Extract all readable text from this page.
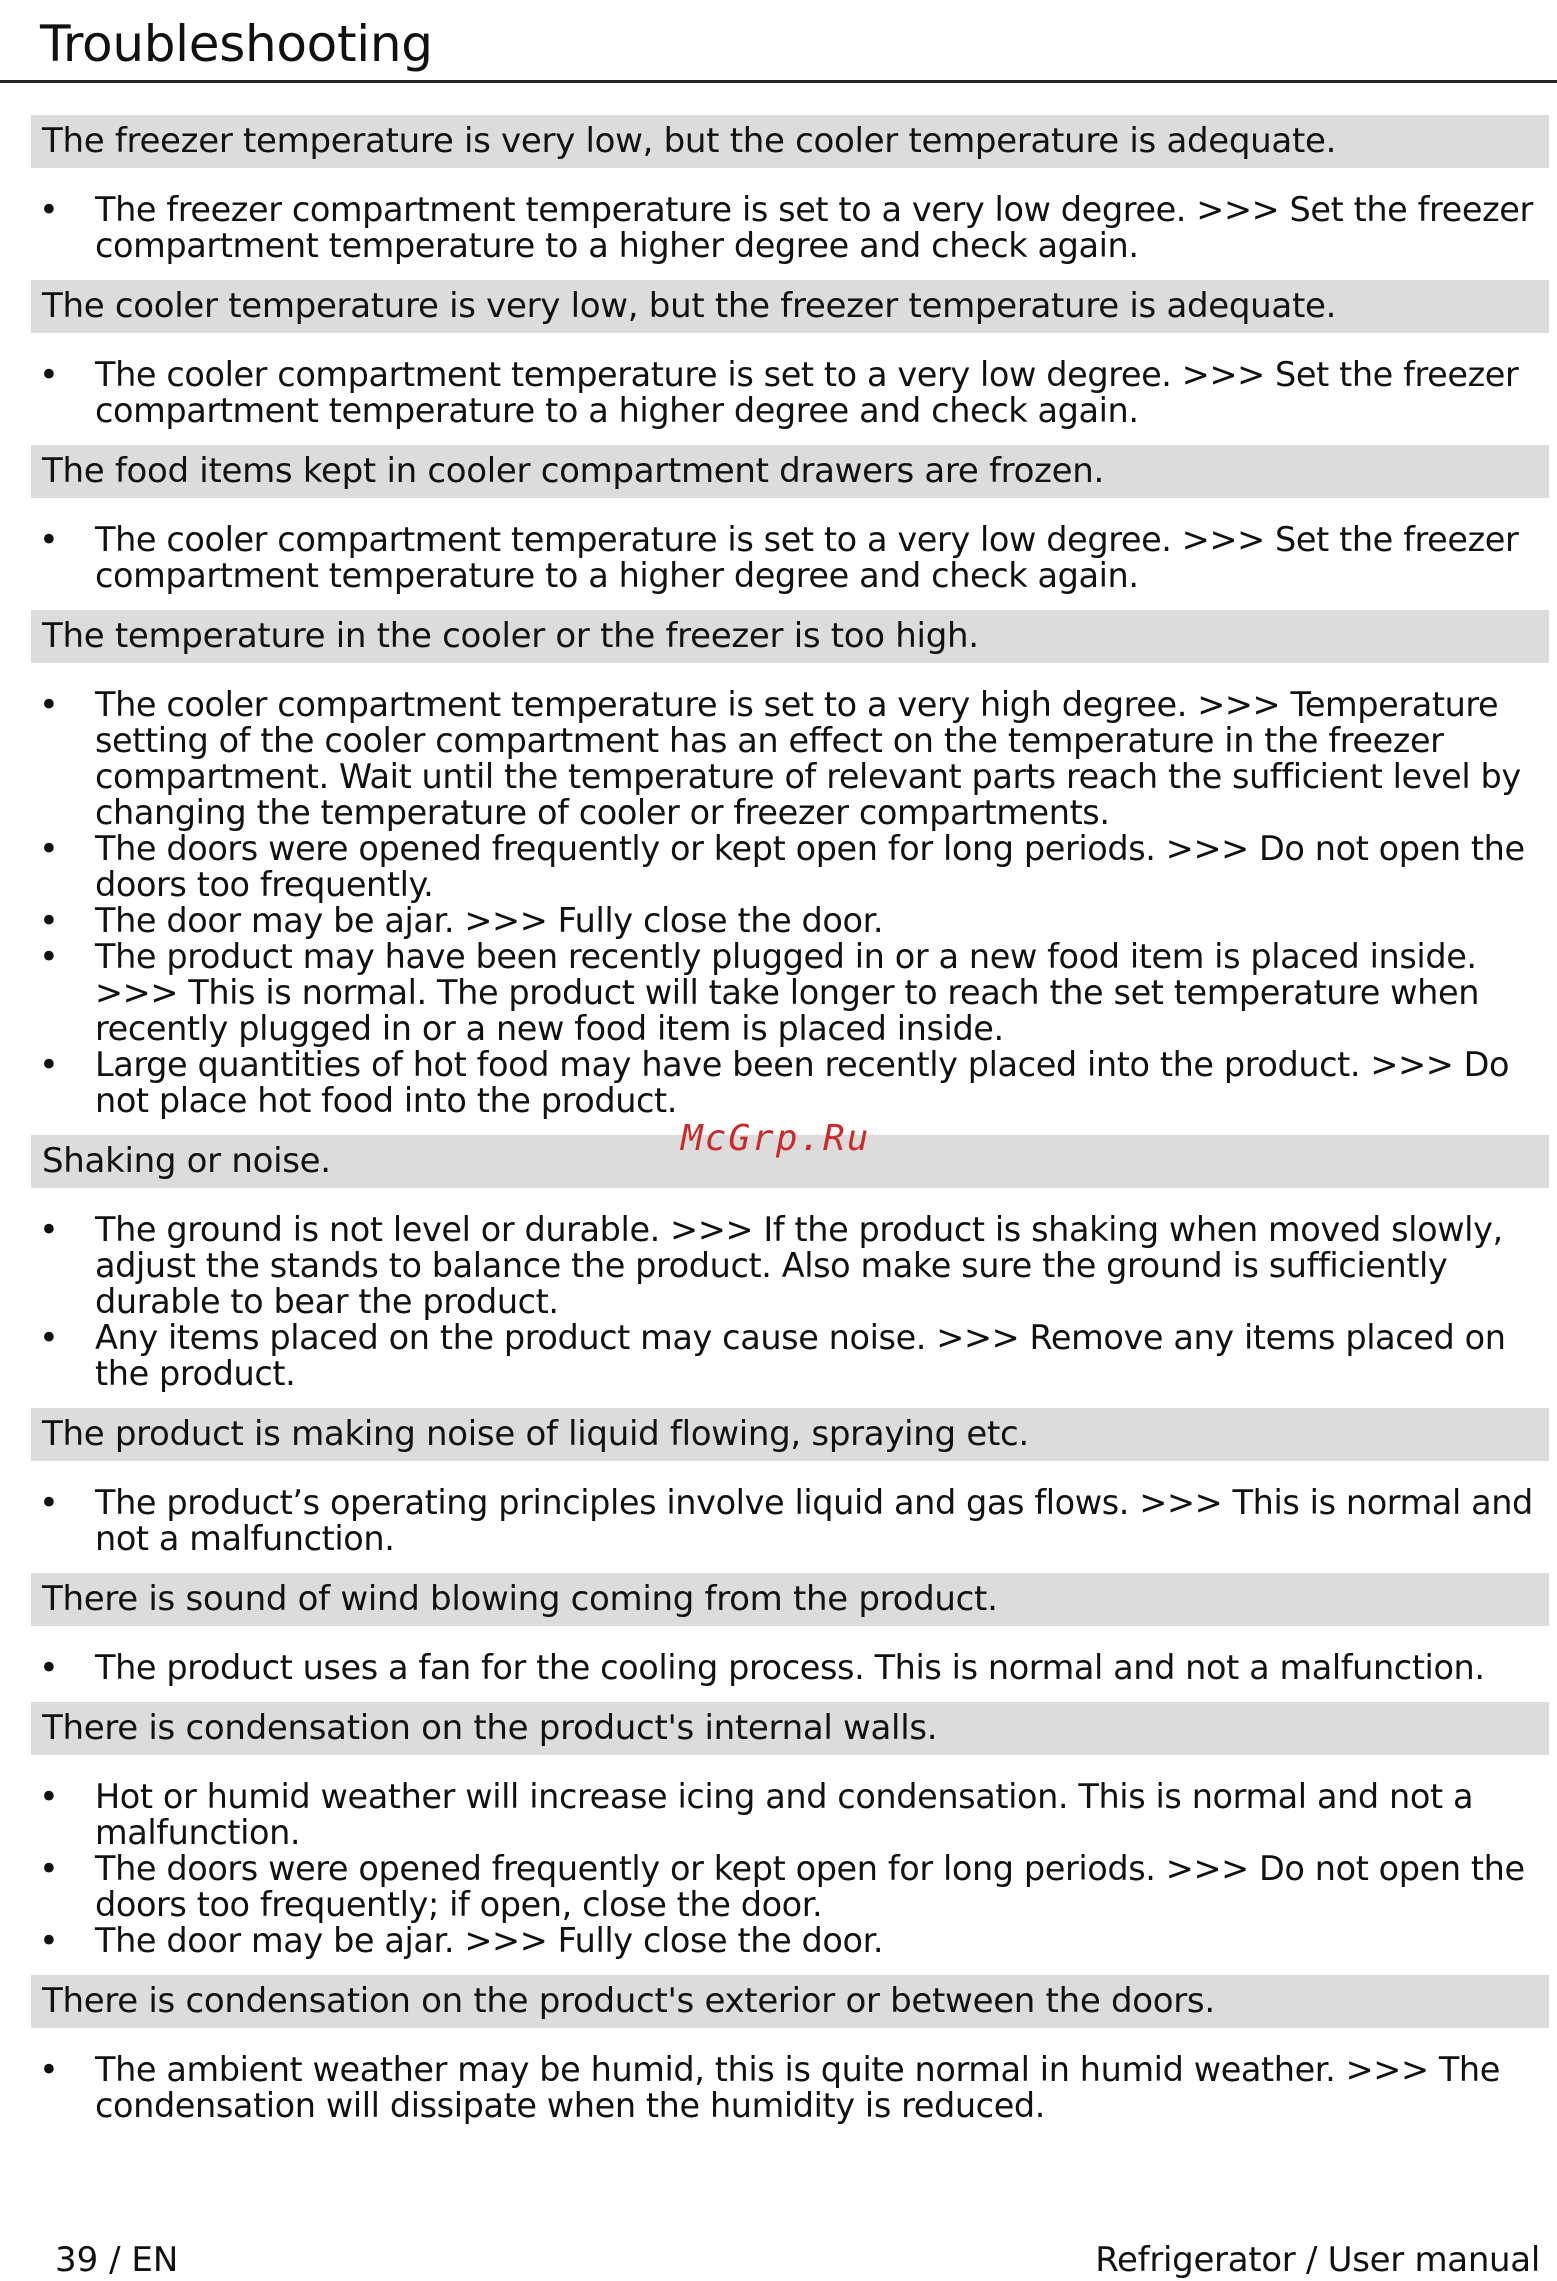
Troubleshooting
The freezer temperature is very low, but the cooler temperature is adequate.
• The freezer compartment temperature is set to a very low degree. >>> Set the freezer compartment temperature to a higher degree and check again.
The cooler temperature is very low, but the freezer temperature is adequate.
• The cooler compartment temperature is set to a very low degree. >>> Set the freezer compartment temperature to a higher degree and check again.
The food items kept in cooler compartment drawers are frozen.
• The cooler compartment temperature is set to a very low degree. >>> Set the freezer compartment temperature to a higher degree and check again.
The temperature in the cooler or the freezer is too high.
• The cooler compartment temperature is set to a very high degree. >>> Temperature setting of the cooler compartment has an effect on the temperature in the freezer compartment. Wait until the temperature of relevant parts reach the sufficient level by changing the temperature of cooler or freezer compartments.
• The doors were opened frequently or kept open for long periods. >>> Do not open the doors too frequently.
• The door may be ajar. >>> Fully close the door.
• The product may have been recently plugged in or a new food item is placed inside. >>> This is normal. The product will take longer to reach the set temperature when recently plugged in or a new food item is placed inside.
• Large quantities of hot food may have been recently placed into the product. >>> Do not place hot food into the product.
Shaking or noise.
• The ground is not level or durable. >>> If the product is shaking when moved slowly, adjust the stands to balance the product. Also make sure the ground is sufficiently durable to bear the product.
• Any items placed on the product may cause noise. >>> Remove any items placed on the product.
The product is making noise of liquid flowing, spraying etc.
• The product’s operating principles involve liquid and gas flows. >>> This is normal and not a malfunction.
There is sound of wind blowing coming from the product.
• The product uses a fan for the cooling process. This is normal and not a malfunction.
There is condensation on the product's internal walls.
• Hot or humid weather will increase icing and condensation. This is normal and not a malfunction.
• The doors were opened frequently or kept open for long periods. >>> Do not open the doors too frequently; if open, close the door.
• The door may be ajar. >>> Fully close the door.
There is condensation on the product's exterior or between the doors.
• The ambient weather may be humid, this is quite normal in humid weather. >>> The condensation will dissipate when the humidity is reduced.
McGrp.Ru
39 / EN	Refrigerator / User manual
